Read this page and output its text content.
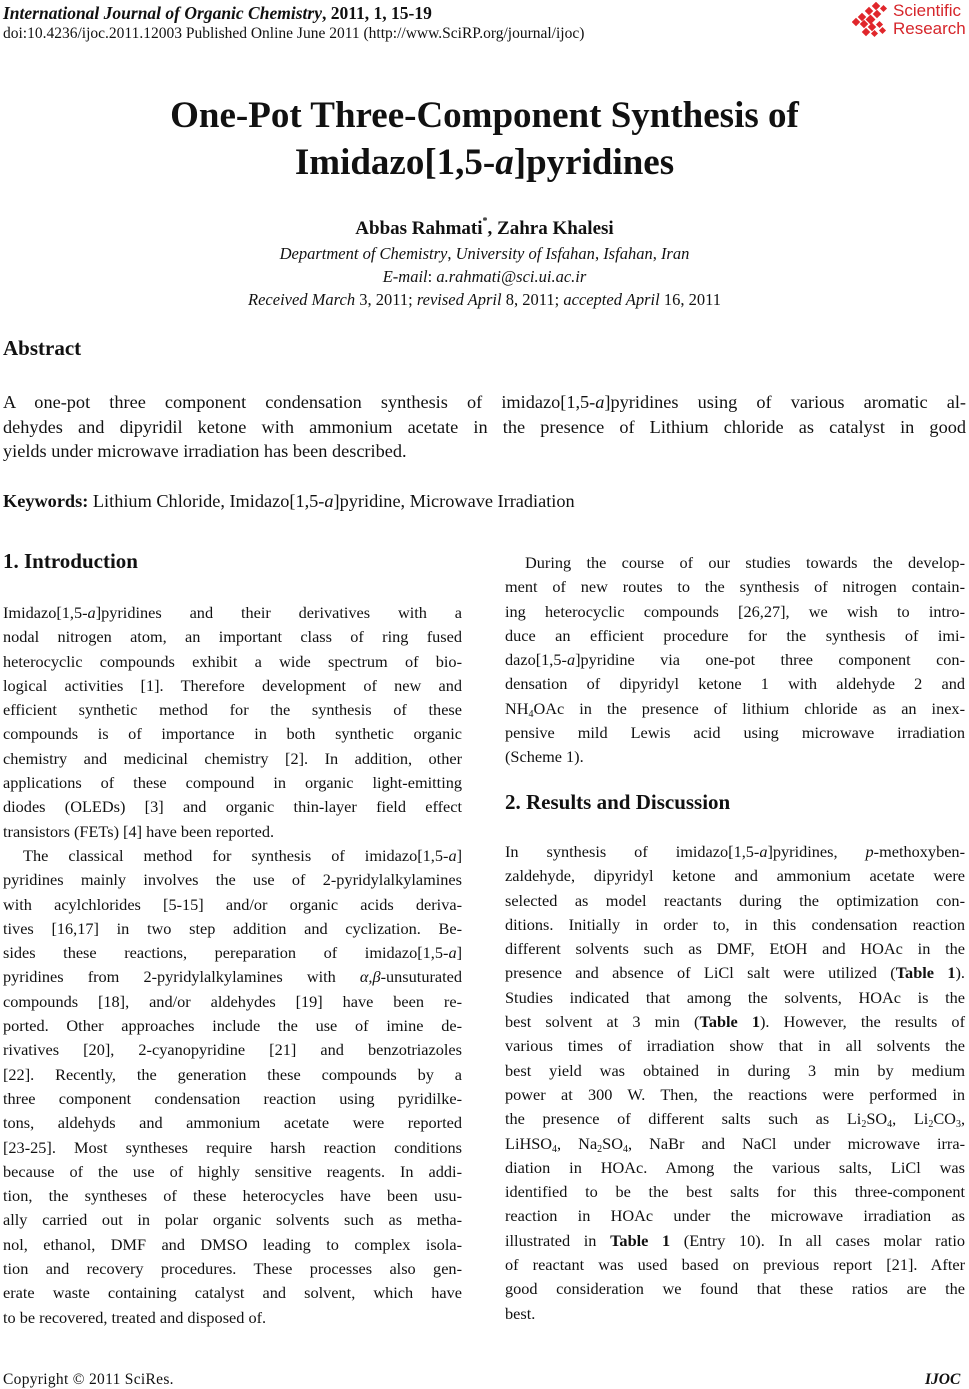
International Journal of Organic Chemistry, 2011, 1, 15-19
doi:10.4236/ijoc.2011.12003 Published Online June 2011 (http://www.SciRP.org/journal/ijoc)
Scientific
Research
One-Pot Three-Component Synthesis of
Imidazo[1,5-a]pyridines
Abbas Rahmati*, Zahra Khalesi
Department of Chemistry, University of Isfahan, Isfahan, Iran
E-mail: a.rahmati@sci.ui.ac.ir
Received March 3, 2011; revised April 8, 2011; accepted April 16, 2011
Abstract
A one-pot three component condensation synthesis of imidazo[1,5-a]pyridines using of various aromatic al-
dehydes and dipyridil ketone with ammonium acetate in the presence of Lithium chloride as catalyst in good
yields under microwave irradiation has been described.
Keywords: Lithium Chloride, Imidazo[1,5-a]pyridine, Microwave Irradiation
1. Introduction
Imidazo[1,5-a]pyridines and their derivatives with a
nodal nitrogen atom, an important class of ring fused
heterocyclic compounds exhibit a wide spectrum of bio-
logical activities [1]. Therefore development of new and
efficient synthetic method for the synthesis of these
compounds is of importance in both synthetic organic
chemistry and medicinal chemistry [2]. In addition, other
applications of these compound in organic light-emitting
diodes (OLEDs) [3] and organic thin-layer field effect
transistors (FETs) [4] have been reported.
The classical method for synthesis of imidazo[1,5-a]
pyridines mainly involves the use of 2-pyridylalkylamines
with acylchlorides [5-15] and/or organic acids deriva-
tives [16,17] in two step addition and cyclization. Be-
sides these reactions, pereparation of imidazo[1,5-a]
pyridines from 2-pyridylalkylamines with α,β-unsuturated
compounds [18], and/or aldehydes [19] have been re-
ported. Other approaches include the use of imine de-
rivatives [20], 2-cyanopyridine [21] and benzotriazoles
[22]. Recently, the generation these compounds by a
three component condensation reaction using pyridilke-
tons, aldehyds and ammonium acetate were reported
[23-25]. Most syntheses require harsh reaction conditions
because of the use of highly sensitive reagents. In addi-
tion, the syntheses of these heterocycles have been usu-
ally carried out in polar organic solvents such as metha-
nol, ethanol, DMF and DMSO leading to complex isola-
tion and recovery procedures. These processes also gen-
erate waste containing catalyst and solvent, which have
to be recovered, treated and disposed of.
During the course of our studies towards the develop-
ment of new routes to the synthesis of nitrogen contain-
ing heterocyclic compounds [26,27], we wish to intro-
duce an efficient procedure for the synthesis of imi-
dazo[1,5-a]pyridine via one-pot three component con-
densation of dipyridyl ketone 1 with aldehyde 2 and
$NH_4OAc$ in the presence of lithium chloride as an inex-
pensive mild Lewis acid using microwave irradiation
(Scheme 1).
2. Results and Discussion
In synthesis of imidazo[1,5-a]pyridines, p-methoxyben-
zaldehyde, dipyridyl ketone and ammonium acetate were
selected as model reactants during the optimization con-
ditions. Initially in order to, in this condensation reaction
different solvents such as DMF, EtOH and HOAc in the
presence and absence of LiCl salt were utilized (Table 1).
Studies indicated that among the solvents, HOAc is the
best solvent at 3 min (Table 1). However, the results of
various times of irradiation show that in all solvents the
best yield was obtained in during 3 min by medium
power at 300 W. Then, the reactions were performed in
the presence of different salts such as $Li_2SO_4$, $Li_2CO_3$,
LiHSO$_4$, $Na_2SO_4$, NaBr and NaCl under microwave irra-
diation in HOAc. Among the various salts, LiCl was
identified to be the best salts for this three-component
reaction in HOAc under the microwave irradiation as
illustrated in Table 1 (Entry 10). In all cases molar ratio
of reactant was used based on previous report [21]. After
good consideration we found that these ratios are the
best.
Copyright © 2011 SciRes.	IJOC
